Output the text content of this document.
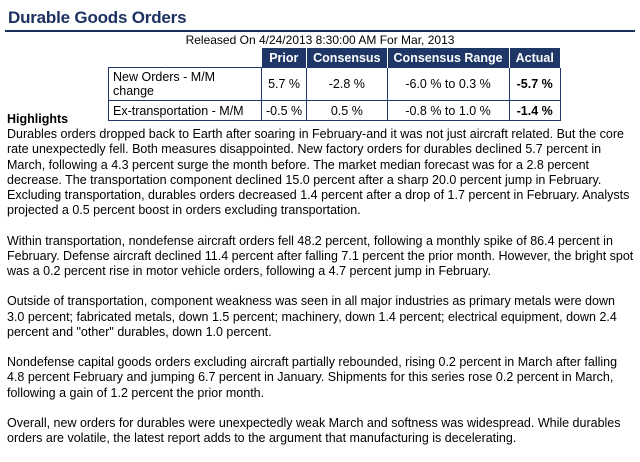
Durable Goods Orders
Released On 4/24/2013 8:30:00 AM For Mar, 2013
	Prior	Consensus	Consensus Range	Actual
New Orders - M/M change	5.7 %	-2.8 %	-6.0 % to 0.3 %	-5.7 %
Ex-transportation - M/M	-0.5 %	0.5 %	-0.8 % to 1.0 %	-1.4 %
Highlights

Durables orders dropped back to Earth after soaring in February-and it was not just aircraft related. But the core rate unexpectedly fell. Both measures disappointed. New factory orders for durables declined 5.7 percent in March, following a 4.3 percent surge the month before. The market median forecast was for a 2.8 percent decrease. The transportation component declined 15.0 percent after a sharp 20.0 percent jump in February. Excluding transportation, durables orders decreased 1.4 percent after a drop of 1.7 percent in February. Analysts projected a 0.5 percent boost in orders excluding transportation.

Within transportation, nondefense aircraft orders fell 48.2 percent, following a monthly spike of 86.4 percent in February. Defense aircraft declined 11.4 percent after falling 7.1 percent the prior month. However, the bright spot was a 0.2 percent rise in motor vehicle orders, following a 4.7 percent jump in February.

Outside of transportation, component weakness was seen in all major industries as primary metals were down 3.0 percent; fabricated metals, down 1.5 percent; machinery, down 1.4 percent; electrical equipment, down 2.4 percent and "other" durables, down 1.0 percent.

Nondefense capital goods orders excluding aircraft partially rebounded, rising 0.2 percent in March after falling 4.8 percent February and jumping 6.7 percent in January. Shipments for this series rose 0.2 percent in March, following a gain of 1.2 percent the prior month.

Overall, new orders for durables were unexpectedly weak March and softness was widespread. While durables orders are volatile, the latest report adds to the argument that manufacturing is decelerating.
